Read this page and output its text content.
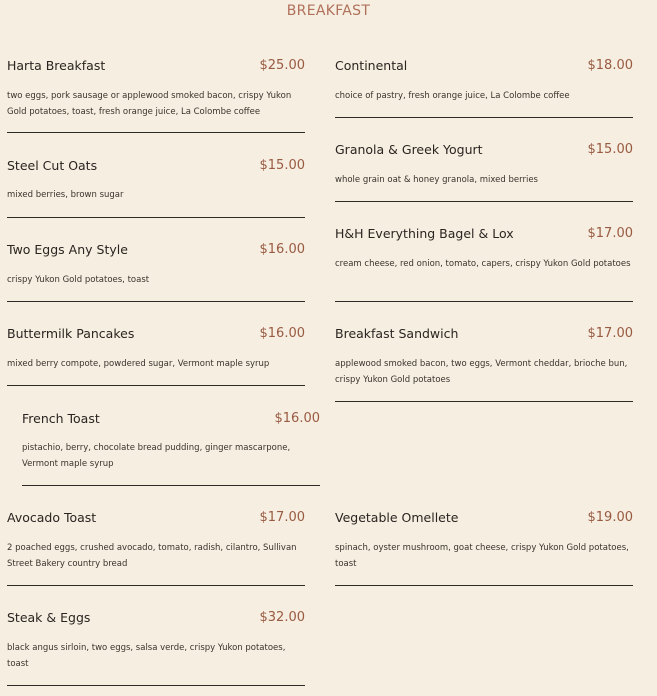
BREAKFAST
Harta Breakfast	$25.00
two eggs, pork sausage or applewood smoked bacon, crispy Yukon Gold potatoes, toast, fresh orange juice, La Colombe coffee
Continental	$18.00
choice of pastry, fresh orange juice, La Colombe coffee
Steel Cut Oats	$15.00
mixed berries, brown sugar
Granola & Greek Yogurt	$15.00
whole grain oat & honey granola, mixed berries
Two Eggs Any Style	$16.00
crispy Yukon Gold potatoes, toast
H&H Everything Bagel & Lox	$17.00
cream cheese, red onion, tomato, capers, crispy Yukon Gold potatoes
Buttermilk Pancakes	$16.00
mixed berry compote, powdered sugar, Vermont maple syrup
Breakfast Sandwich	$17.00
applewood smoked bacon, two eggs, Vermont cheddar, brioche bun, crispy Yukon Gold potatoes
French Toast	$16.00
pistachio, berry, chocolate bread pudding, ginger mascarpone, Vermont maple syrup
Avocado Toast	$17.00
2 poached eggs, crushed avocado, tomato, radish, cilantro, Sullivan Street Bakery country bread
Vegetable Omellete	$19.00
spinach, oyster mushroom, goat cheese, crispy Yukon Gold potatoes, toast
Steak & Eggs	$32.00
black angus sirloin, two eggs, salsa verde, crispy Yukon potatoes, toast
